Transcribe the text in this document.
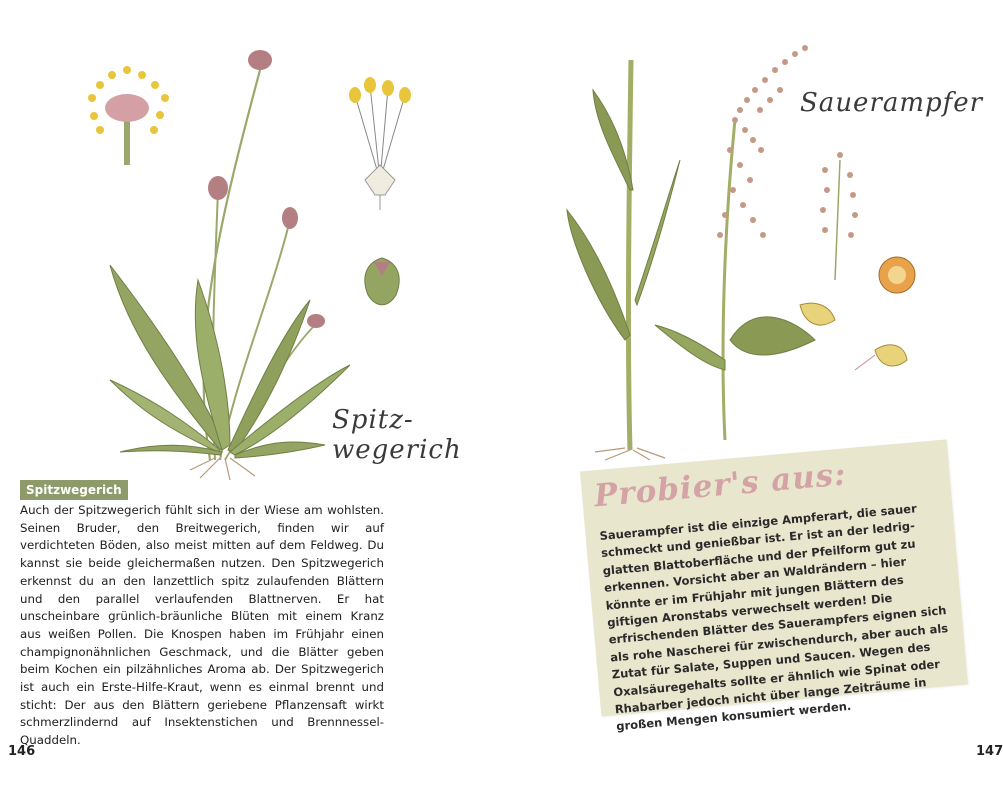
Spitz-
wegerich
Spitzwegerich

Auch der Spitzwegerich fühlt sich in der Wiese am wohlsten. Seinen Bruder, den Breitwegerich, finden wir auf verdichteten Böden, also meist mitten auf dem Feldweg. Du kannst sie beide gleichermaßen nutzen. Den Spitzwegerich erkennst du an den lanzettlich spitz zulaufenden Blättern und den parallel verlaufenden Blattnerven. Er hat unscheinbare grünlich-bräunliche Blüten mit einem Kranz aus weißen Pollen. Die Knospen haben im Frühjahr einen champignonähnlichen Geschmack, und die Blätter geben beim Kochen ein pilzähnliches Aroma ab. Der Spitzwegerich ist auch ein Erste-Hilfe-Kraut, wenn es einmal brennt und sticht: Der aus den Blättern geriebene Pflanzensaft wirkt schmerzlindernd auf Insektenstichen und Brennnessel-Quaddeln.

146
Sauerampfer
147
Probier's aus:

Sauerampfer ist die einzige Ampferart, die sauer schmeckt und genießbar ist. Er ist an der ledrig-glatten Blattoberfläche und der Pfeilform gut zu erkennen. Vorsicht aber an Waldrändern – hier könnte er im Frühjahr mit jungen Blättern des giftigen Aronstabs verwechselt werden! Die erfrischenden Blätter des Sauerampfers eignen sich als rohe Nascherei für zwischendurch, aber auch als Zutat für Salate, Suppen und Saucen. Wegen des Oxalsäuregehalts sollte er ähnlich wie Spinat oder Rhabarber jedoch nicht über lange Zeiträume in großen Mengen konsumiert werden.
